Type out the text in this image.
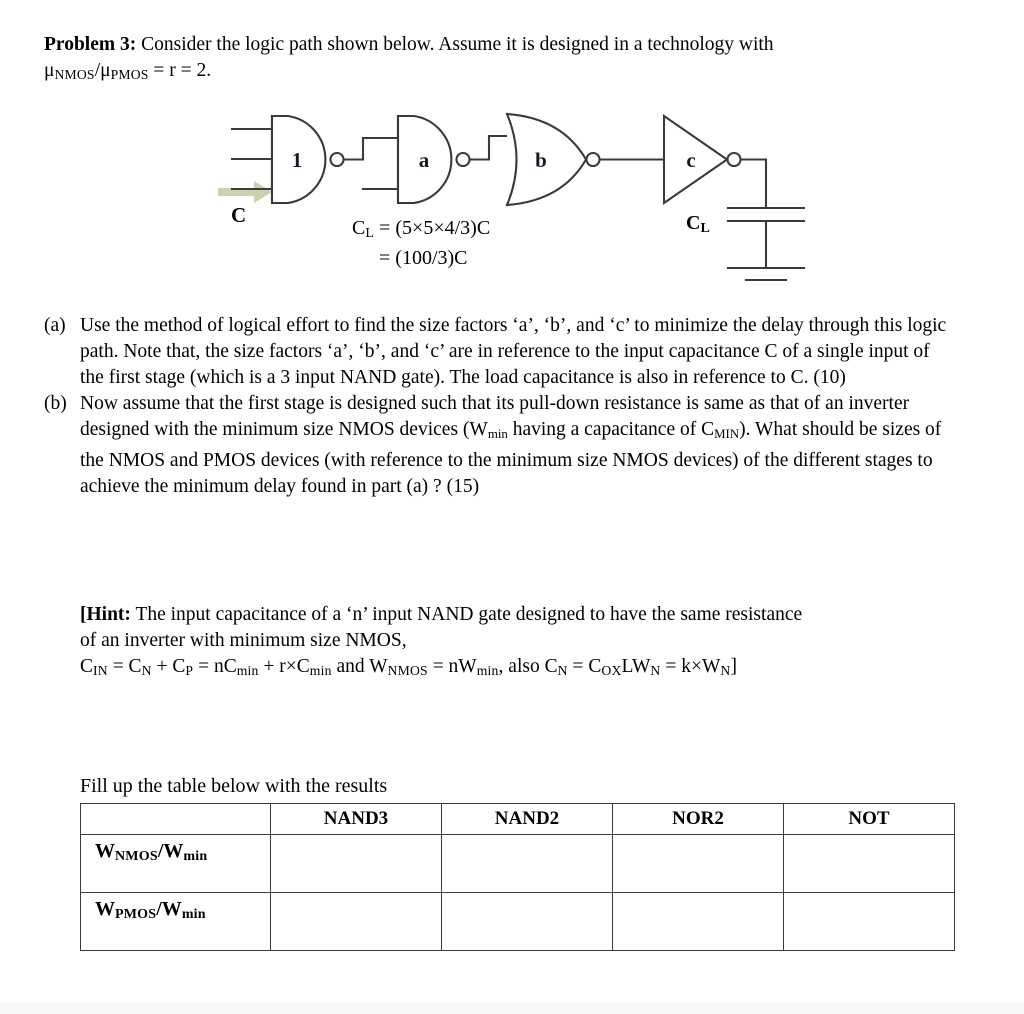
Problem 3: Consider the logic path shown below. Assume it is designed in a technology with
$\mu_{NMOS}/\mu_{PMOS} = r = 2$.
1	a	b	c
C
$C_L = (5\times 5\times 4/3)C$
= (100/3)C
$C_L$
(a) Use the method of logical effort to find the size factors ‘a’, ‘b’, and ‘c’ to minimize the delay through this logic path. Note that, the size factors ‘a’, ‘b’, and ‘c’ are in reference to the input capacitance C of a single input of the first stage (which is a 3 input NAND gate). The load capacitance is also in reference to C. (10)
(b) Now assume that the first stage is designed such that its pull-down resistance is same as that of an inverter designed with the minimum size NMOS devices (Wmin having a capacitance of CMIN). What should be sizes of the NMOS and PMOS devices (with reference to the minimum size NMOS devices) of the different stages to achieve the minimum delay found in part (a) ? (15)
[Hint: The input capacitance of a ‘n’ input NAND gate designed to have the same resistance
of an inverter with minimum size NMOS,
$C_{IN} = C_N + C_P = nC_{min} + r\times C_{min}$ and $W_{NMOS} = nW_{min}$, also $C_N = C_{OX}LW_N = k\times W_N$]
Fill up the table below with the results
	NAND3	NAND2	NOR2	NOT
$W_{NMOS}/W_{min}$				
$W_{PMOS}/W_{min}$				
